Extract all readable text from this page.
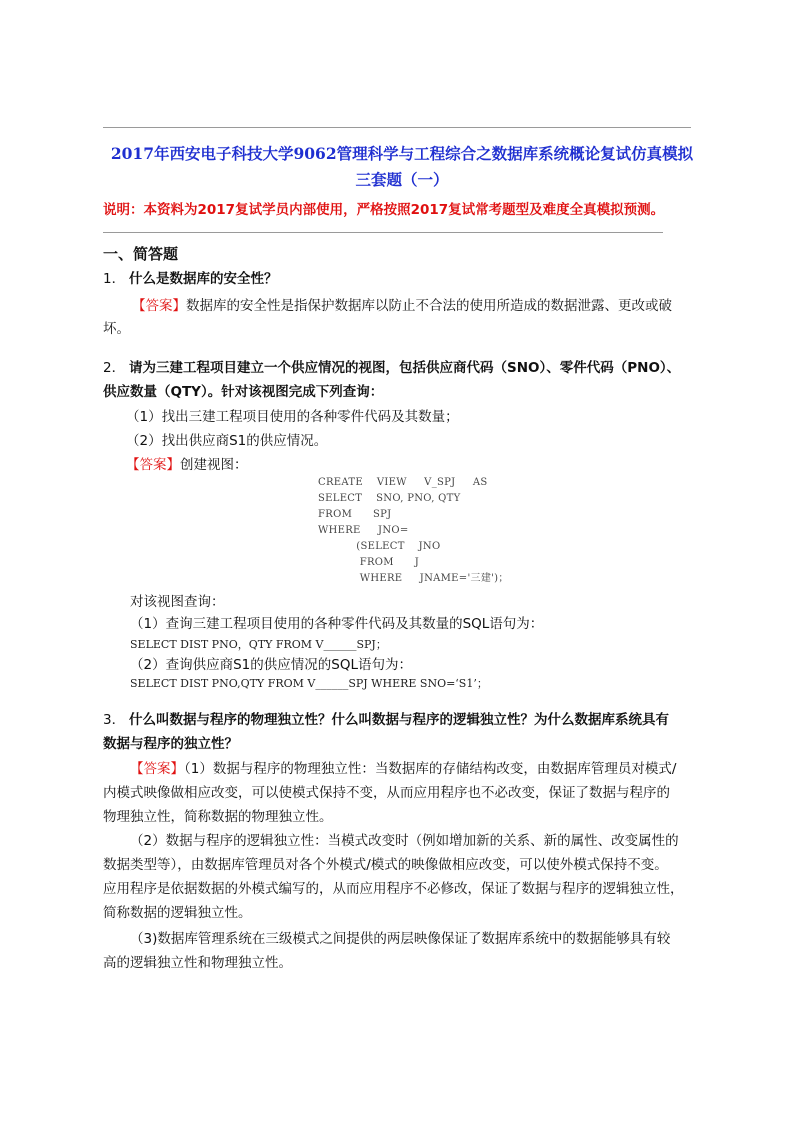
2017年西安电子科技大学9062管理科学与工程综合之数据库系统概论复试仿真模拟
三套题（一）
说明：本资料为2017复试学员内部使用，严格按照2017复试常考题型及难度全真模拟预测。
一、简答题
1． 什么是数据库的安全性？
【答案】数据库的安全性是指保护数据库以防止不合法的使用所造成的数据泄露、更改或破
坏。
2． 请为三建工程项目建立一个供应情况的视图，包括供应商代码（SNO）、零件代码（PNO）、
供应数量（QTY）。针对该视图完成下列查询：
（1）找出三建工程项目使用的各种零件代码及其数量；
（2）找出供应商S1的供应情况。
【答案】创建视图：
CREATE    VIEW     V_SPJ     AS
SELECT    SNO, PNO, QTY
FROM      SPJ
WHERE     JNO=
(SELECT    JNO
FROM      J
WHERE     JNAME='三建')；
对该视图查询：
（1）查询三建工程项目使用的各种零件代码及其数量的SQL语句为：
SELECT DIST PNO，QTY FROM V______SPJ；
（2）查询供应商S1的供应情况的SQL语句为：
SELECT DIST PNO,QTY FROM V______SPJ WHERE SNO=‘S1’；
3． 什么叫数据与程序的物理独立性？什么叫数据与程序的逻辑独立性？为什么数据库系统具有
数据与程序的独立性？
【答案】（1）数据与程序的物理独立性：当数据库的存储结构改变，由数据库管理员对模式/
内模式映像做相应改变，可以使模式保持不变，从而应用程序也不必改变，保证了数据与程序的
物理独立性，简称数据的物理独立性。
（2）数据与程序的逻辑独立性：当模式改变时（例如增加新的关系、新的属性、改变属性的
数据类型等），由数据库管理员对各个外模式/模式的映像做相应改变，可以使外模式保持不变。
应用程序是依据数据的外模式编写的，从而应用程序不必修改，保证了数据与程序的逻辑独立性，
简称数据的逻辑独立性。
（3)数据库管理系统在三级模式之间提供的两层映像保证了数据库系统中的数据能够具有较
高的逻辑独立性和物理独立性。
